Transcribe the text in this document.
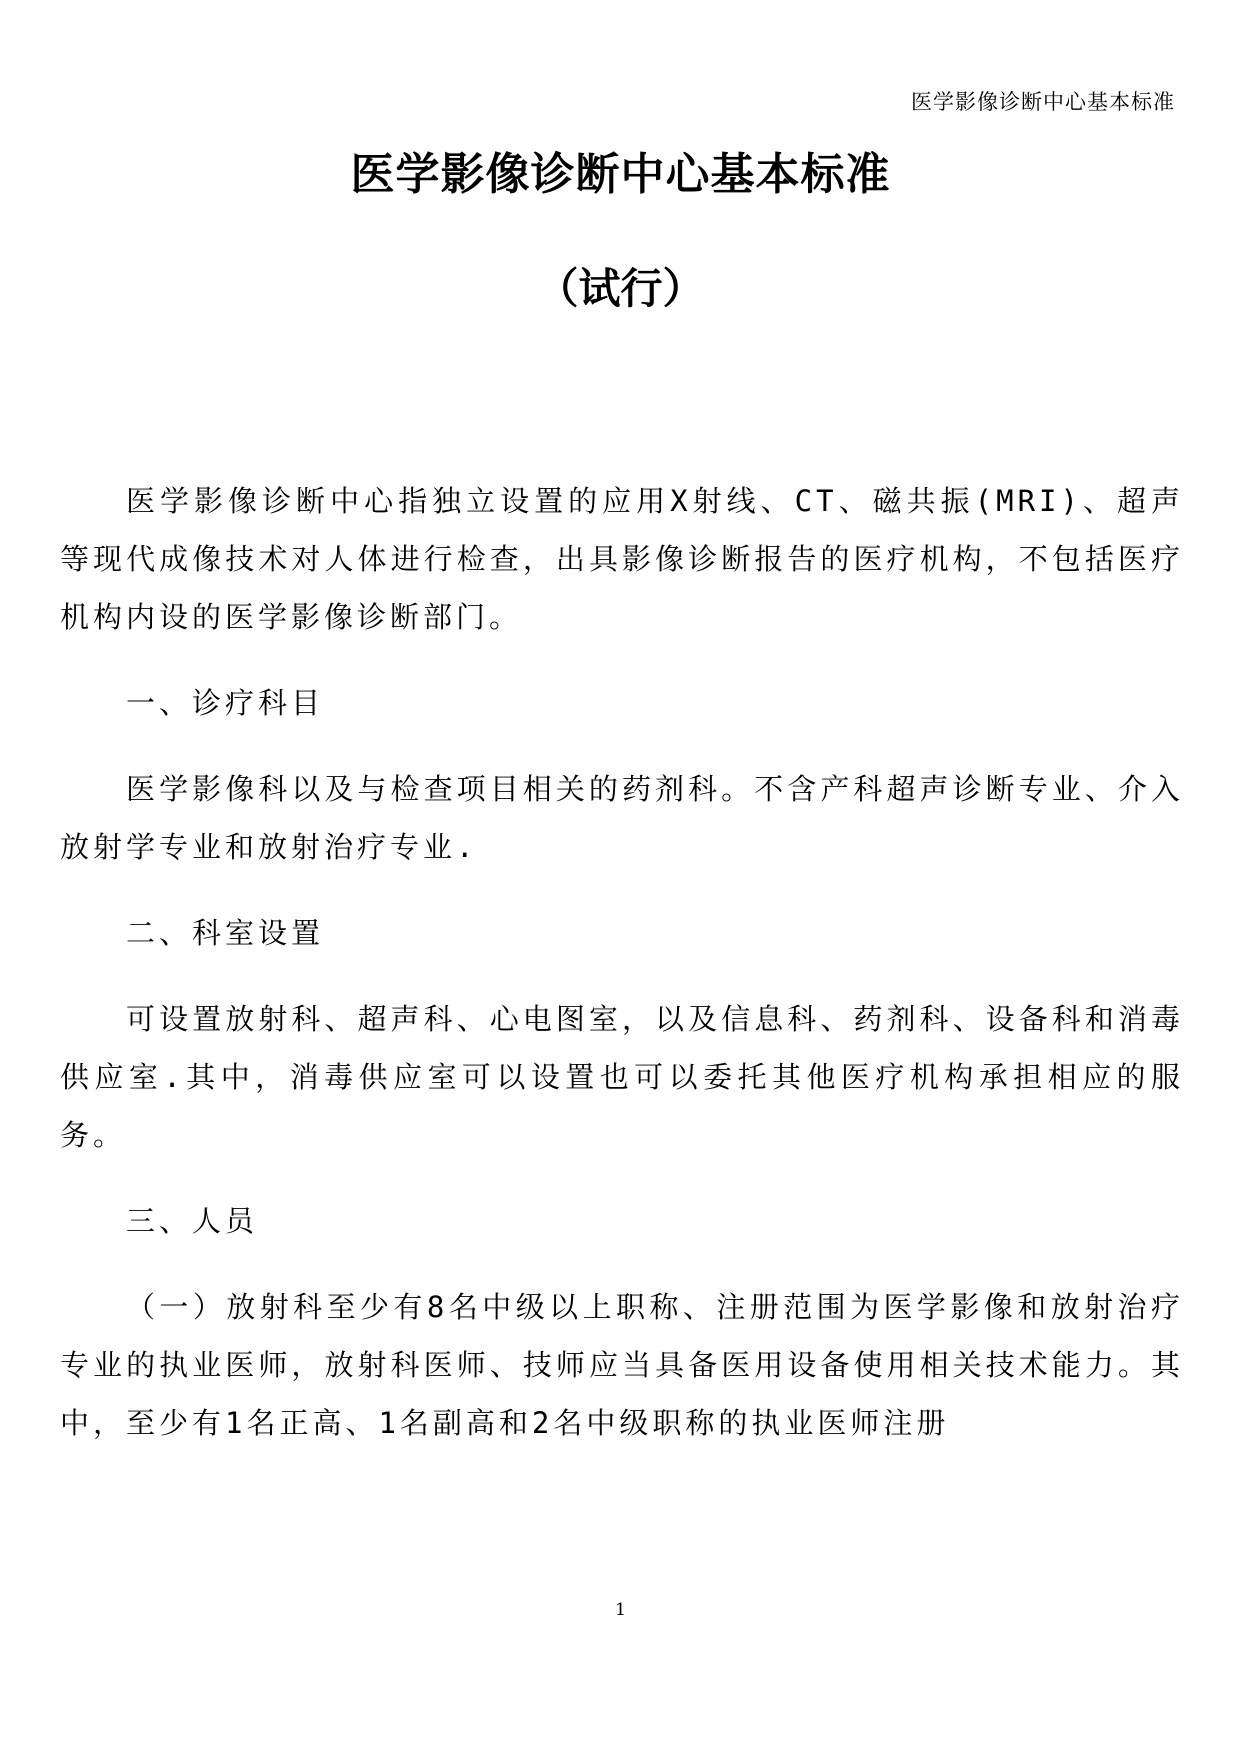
医学影像诊断中心基本标准
医学影像诊断中心基本标准
（试行）

医学影像诊断中心指独立设置的应用X射线、CT、磁共振(MRI)、超声等现代成像技术对人体进行检查，出具影像诊断报告的医疗机构，不包括医疗机构内设的医学影像诊断部门。

一、诊疗科目

医学影像科以及与检查项目相关的药剂科。不含产科超声诊断专业、介入放射学专业和放射治疗专业.

二、科室设置

可设置放射科、超声科、心电图室，以及信息科、药剂科、设备科和消毒供应室.其中，消毒供应室可以设置也可以委托其他医疗机构承担相应的服务。

三、人员

（一）放射科至少有8名中级以上职称、注册范围为医学影像和放射治疗专业的执业医师，放射科医师、技师应当具备医用设备使用相关技术能力。其中，至少有1名正高、1名副高和2名中级职称的执业医师注册

1
